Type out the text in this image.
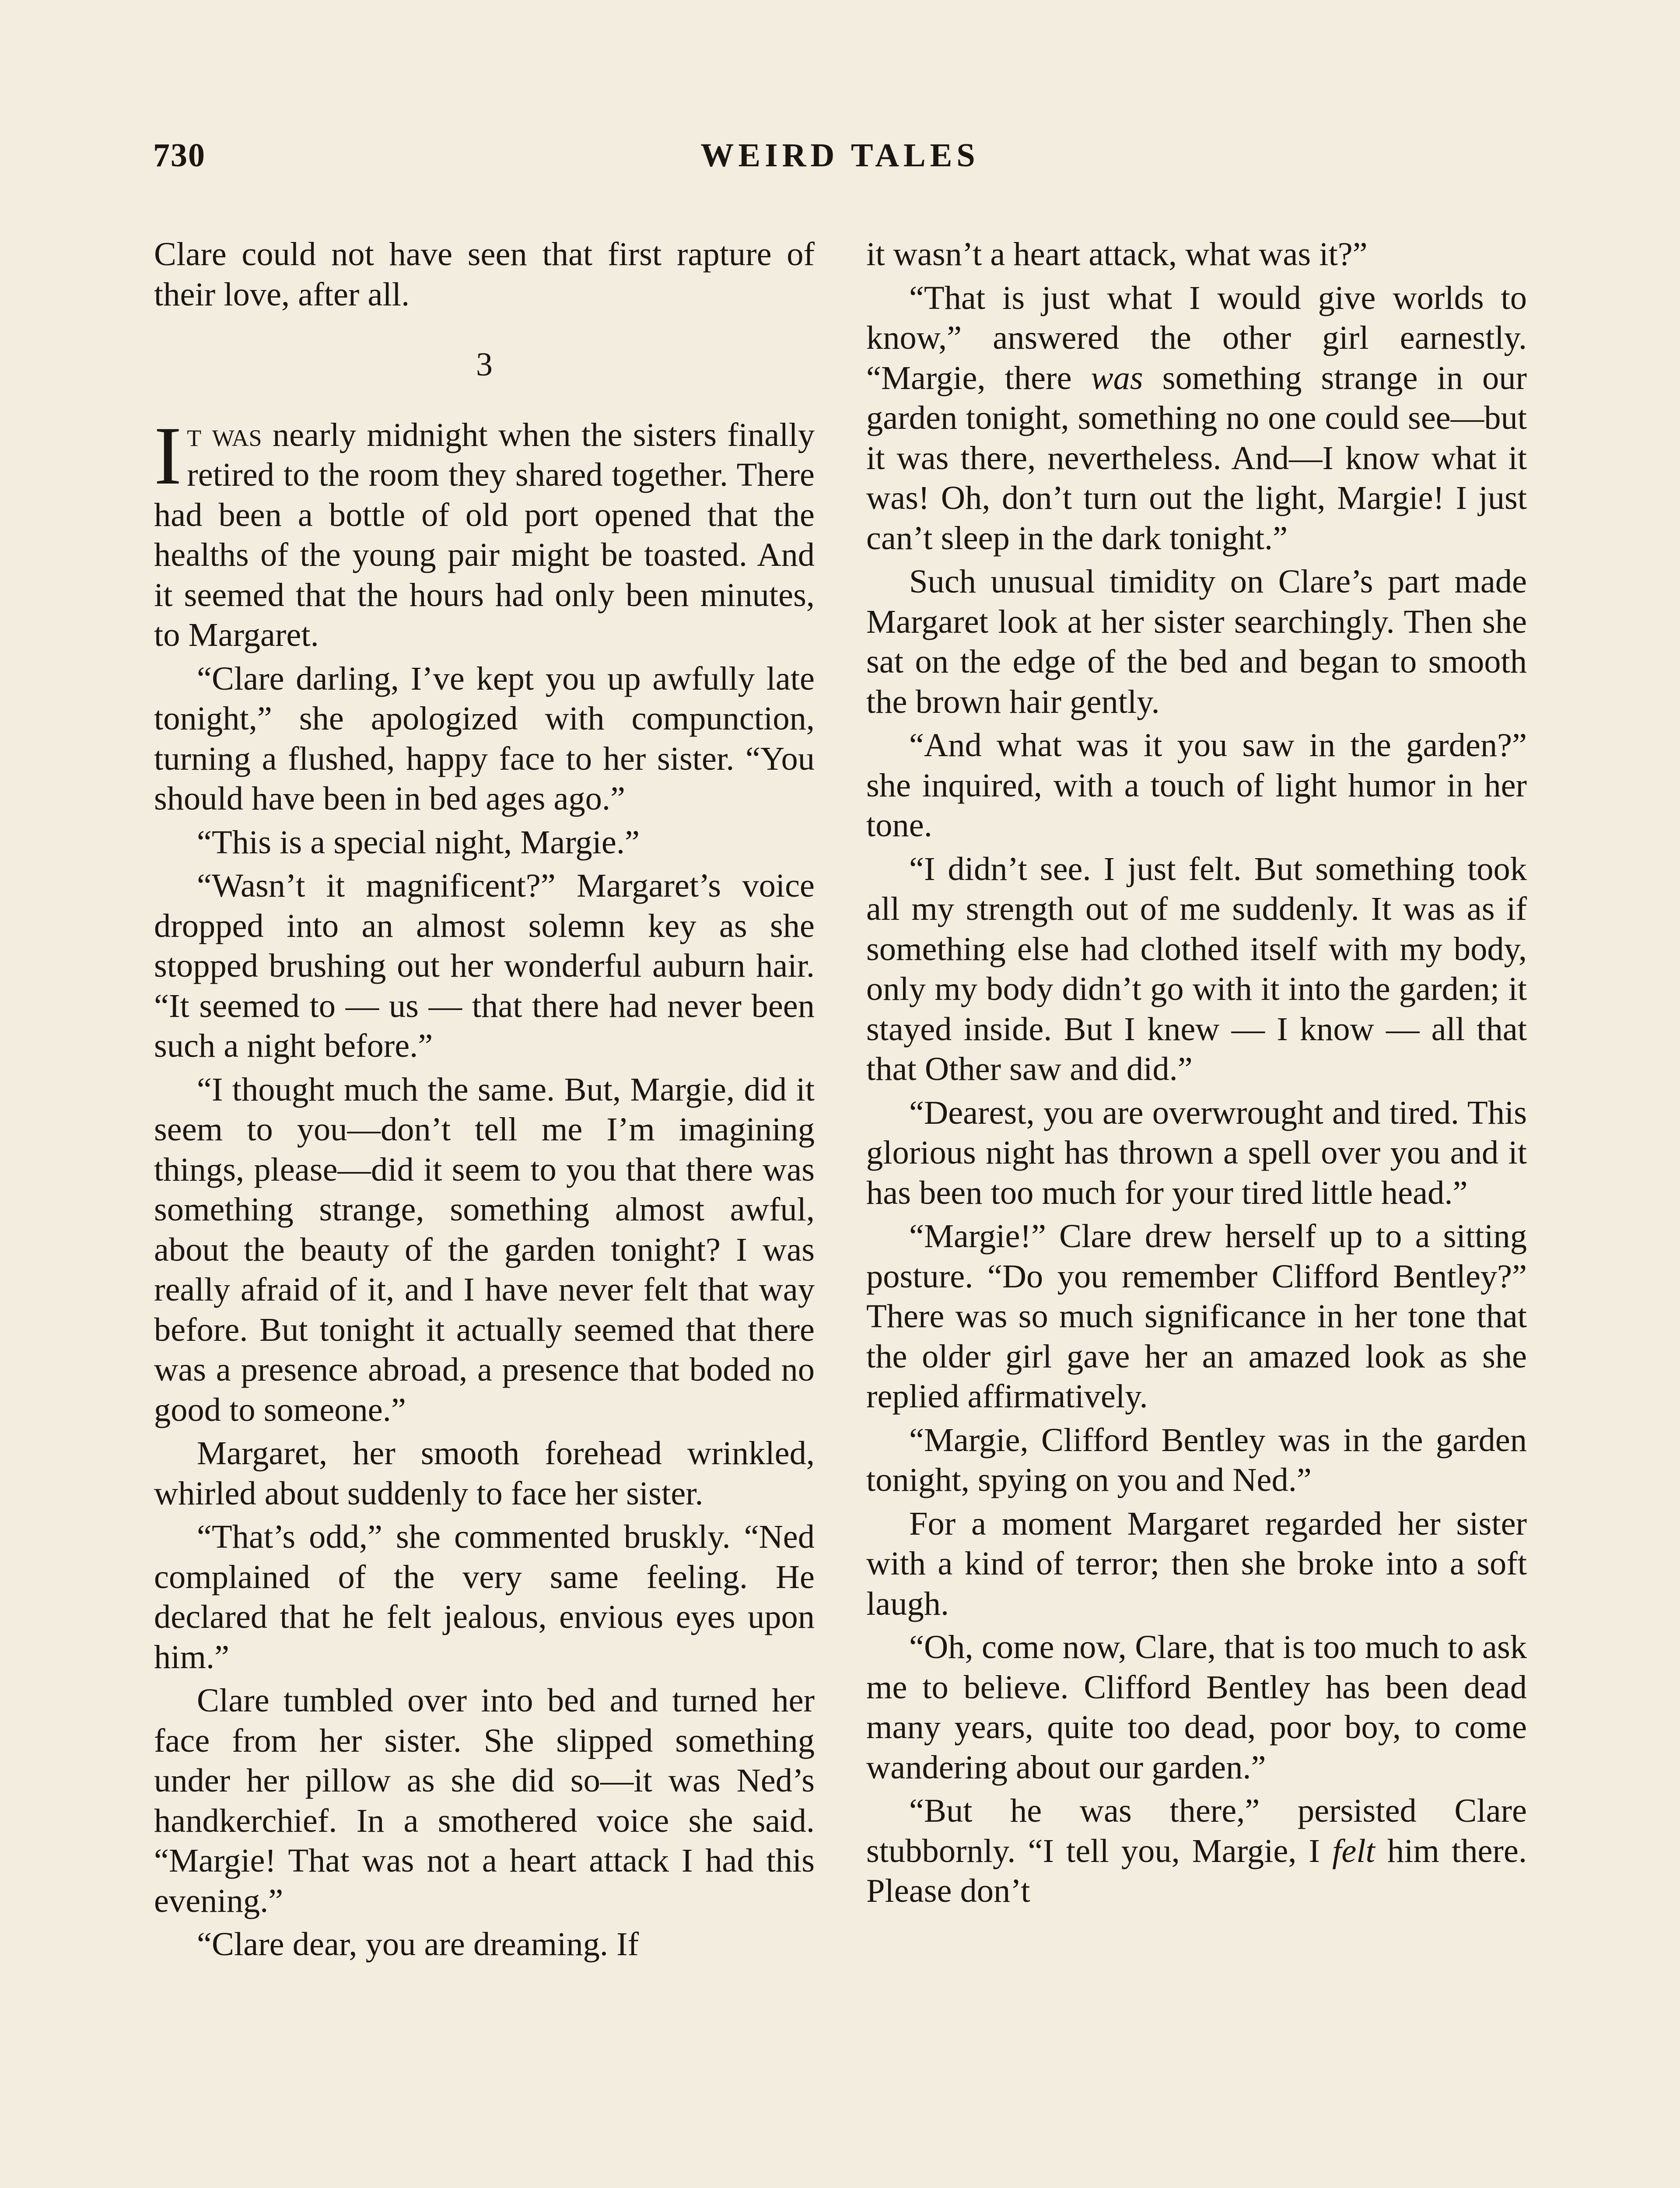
730	WEIRD TALES

Clare could not have seen that first rapture of their love, after all.

3

It was nearly midnight when the sisters finally retired to the room they shared together. There had been a bottle of old port opened that the healths of the young pair might be toasted. And it seemed that the hours had only been minutes, to Margaret.

“Clare darling, I’ve kept you up awfully late tonight,” she apologized with compunction, turning a flushed, happy face to her sister. “You should have been in bed ages ago.”

“This is a special night, Margie.”

“Wasn’t it magnificent?” Margaret’s voice dropped into an almost solemn key as she stopped brushing out her wonderful auburn hair. “It seemed to — us — that there had never been such a night before.”

“I thought much the same. But, Margie, did it seem to you—don’t tell me I’m imagining things, please—did it seem to you that there was something strange, something almost awful, about the beauty of the garden tonight? I was really afraid of it, and I have never felt that way before. But tonight it actually seemed that there was a presence abroad, a presence that boded no good to someone.”

Margaret, her smooth forehead wrinkled, whirled about suddenly to face her sister.

“That’s odd,” she commented bruskly. “Ned complained of the very same feeling. He declared that he felt jealous, envious eyes upon him.”

Clare tumbled over into bed and turned her face from her sister. She slipped something under her pillow as she did so—it was Ned’s handkerchief. In a smothered voice she said. “Margie! That was not a heart attack I had this evening.”

“Clare dear, you are dreaming. If

it wasn’t a heart attack, what was it?”

“That is just what I would give worlds to know,” answered the other girl earnestly. “Margie, there was something strange in our garden tonight, something no one could see—but it was there, nevertheless. And—I know what it was! Oh, don’t turn out the light, Margie! I just can’t sleep in the dark tonight.”

Such unusual timidity on Clare’s part made Margaret look at her sister searchingly. Then she sat on the edge of the bed and began to smooth the brown hair gently.

“And what was it you saw in the garden?” she inquired, with a touch of light humor in her tone.

“I didn’t see. I just felt. But something took all my strength out of me suddenly. It was as if something else had clothed itself with my body, only my body didn’t go with it into the garden; it stayed inside. But I knew — I know — all that that Other saw and did.”

“Dearest, you are overwrought and tired. This glorious night has thrown a spell over you and it has been too much for your tired little head.”

“Margie!” Clare drew herself up to a sitting posture. “Do you remember Clifford Bentley?” There was so much significance in her tone that the older girl gave her an amazed look as she replied affirmatively.

“Margie, Clifford Bentley was in the garden tonight, spying on you and Ned.”

For a moment Margaret regarded her sister with a kind of terror; then she broke into a soft laugh.

“Oh, come now, Clare, that is too much to ask me to believe. Clifford Bentley has been dead many years, quite too dead, poor boy, to come wandering about our garden.”

“But he was there,” persisted Clare stubbornly. “I tell you, Margie, I felt him there. Please don’t
